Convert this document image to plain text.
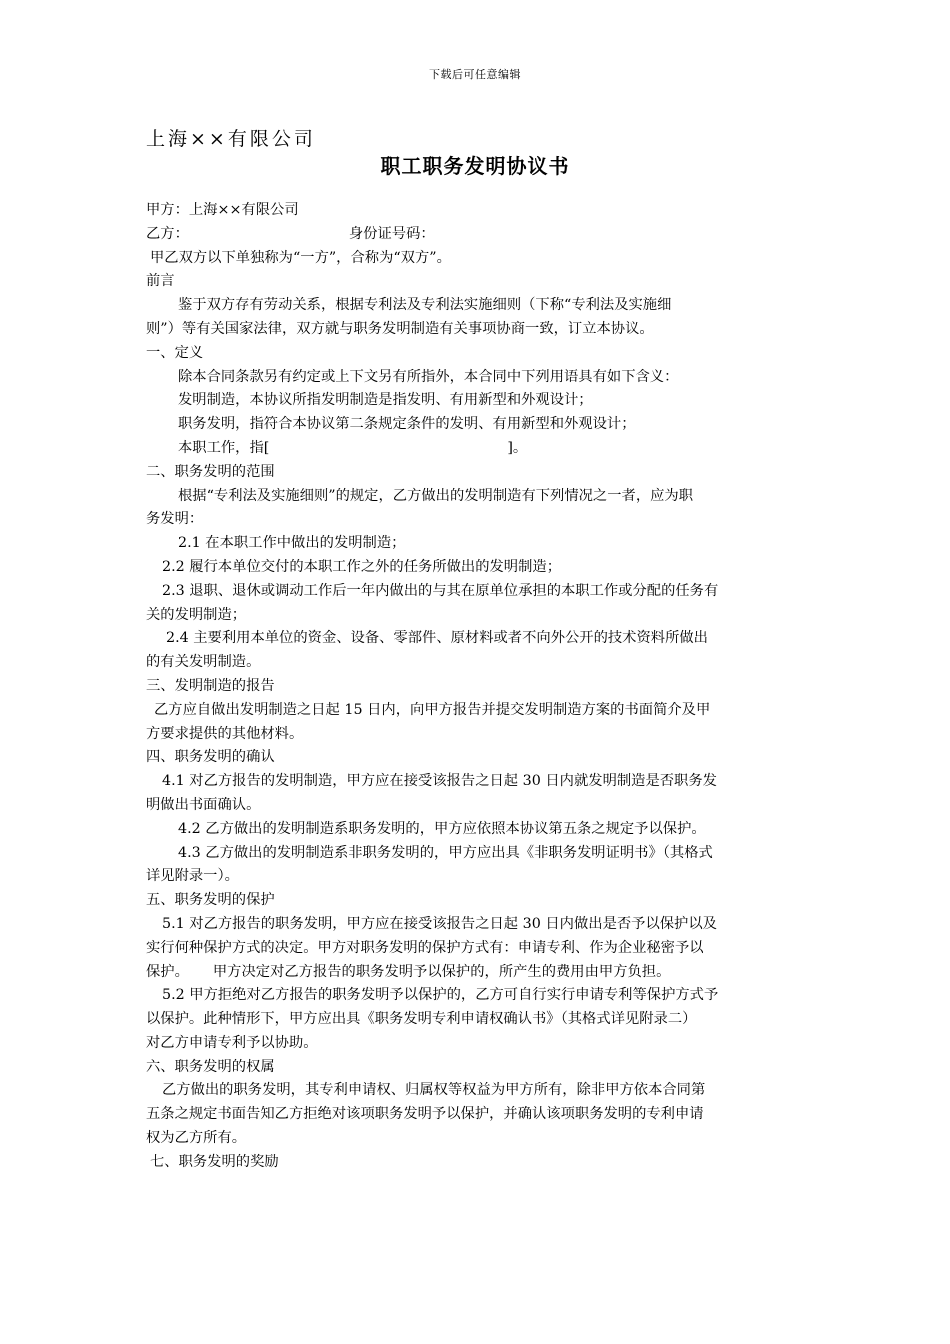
下载后可任意编辑
上海××有限公司
职工职务发明协议书

甲方：上海××有限公司

乙方：	身份证号码：

甲乙双方以下单独称为“一方”，合称为“双方”。

前言

鉴于双方存有劳动关系，根据专利法及专利法实施细则（下称“专利法及实施细

则”）等有关国家法律，双方就与职务发明制造有关事项协商一致，订立本协议。

一、定义

除本合同条款另有约定或上下文另有所指外，本合同中下列用语具有如下含义：

发明制造，本协议所指发明制造是指发明、有用新型和外观设计；

职务发明，指符合本协议第二条规定条件的发明、有用新型和外观设计；

本职工作，指[	]。

二、职务发明的范围

根据“专利法及实施细则”的规定，乙方做出的发明制造有下列情况之一者，应为职

务发明：

2.1 在本职工作中做出的发明制造；

2.2 履行本单位交付的本职工作之外的任务所做出的发明制造；

2.3 退职、退休或调动工作后一年内做出的与其在原单位承担的本职工作或分配的任务有

关的发明制造；

2.4 主要利用本单位的资金、设备、零部件、原材料或者不向外公开的技术资料所做出

的有关发明制造。

三、发明制造的报告

乙方应自做出发明制造之日起 15 日内，向甲方报告并提交发明制造方案的书面简介及甲

方要求提供的其他材料。

四、职务发明的确认

4.1 对乙方报告的发明制造，甲方应在接受该报告之日起 30 日内就发明制造是否职务发

明做出书面确认。

4.2 乙方做出的发明制造系职务发明的，甲方应依照本协议第五条之规定予以保护。

4.3 乙方做出的发明制造系非职务发明的，甲方应出具《非职务发明证明书》（其格式

详见附录一）。

五、职务发明的保护

5.1 对乙方报告的职务发明，甲方应在接受该报告之日起 30 日内做出是否予以保护以及

实行何种保护方式的决定。甲方对职务发明的保护方式有：申请专利、作为企业秘密予以

保护。 甲方决定对乙方报告的职务发明予以保护的，所产生的费用由甲方负担。

5.2 甲方拒绝对乙方报告的职务发明予以保护的，乙方可自行实行申请专利等保护方式予

以保护。此种情形下，甲方应出具《职务发明专利申请权确认书》（其格式详见附录二）

对乙方申请专利予以协助。

六、职务发明的权属

乙方做出的职务发明，其专利申请权、归属权等权益为甲方所有，除非甲方依本合同第

五条之规定书面告知乙方拒绝对该项职务发明予以保护，并确认该项职务发明的专利申请

权为乙方所有。

七、职务发明的奖励
